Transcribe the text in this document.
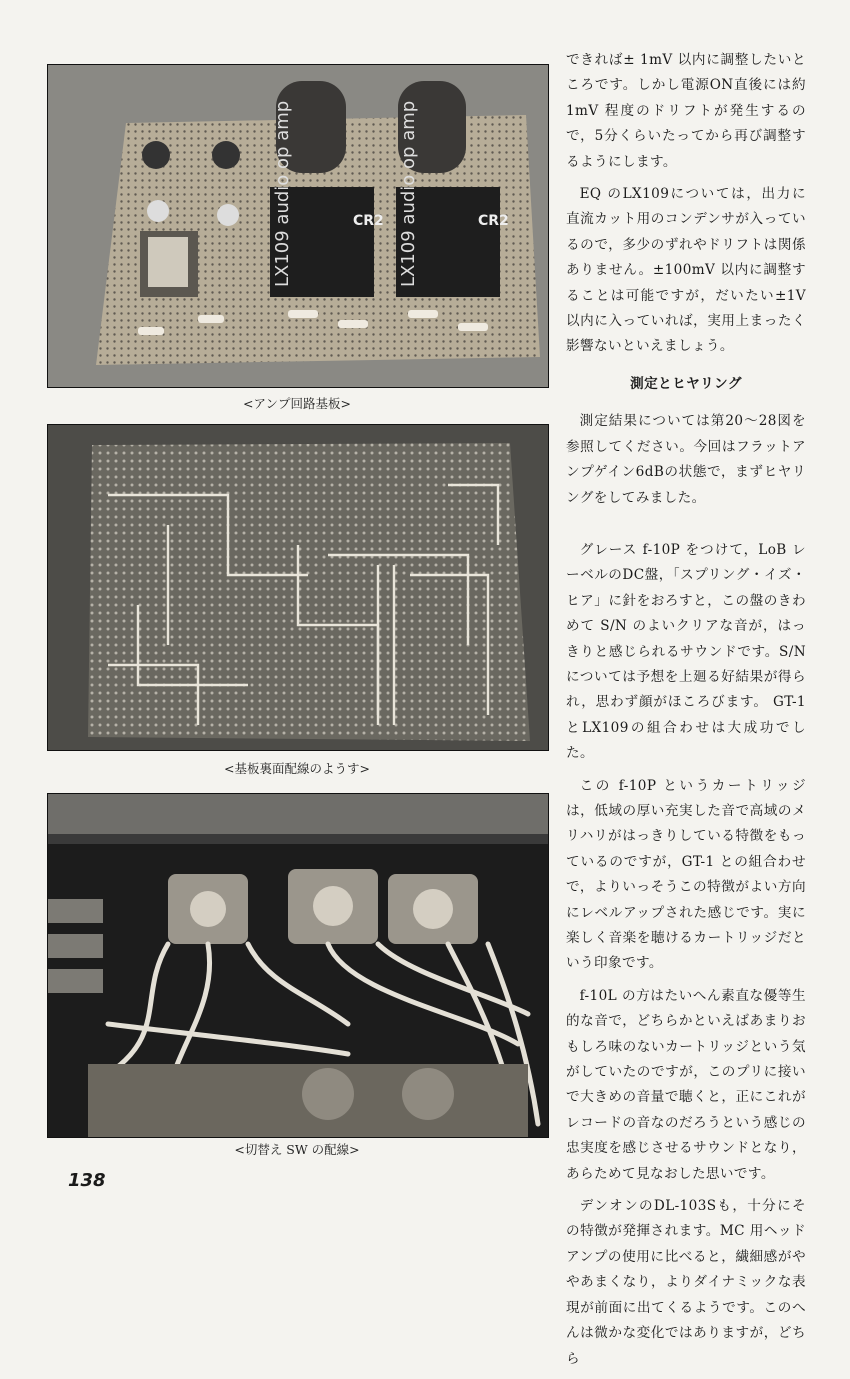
LX109 audio op amp	CR2 LX109 audio op amp	CR2
<アンプ回路基板>
<基板裏面配線のようす>
<切替え SW の配線>

できれば± 1mV 以内に調整したいところです。しかし電源ON直後には約1mV 程度のドリフトが発生するので，5分くらいたってから再び調整するようにします。

EQ のLX109については，出力に直流カット用のコンデンサが入っているので，多少のずれやドリフトは関係ありません。±100mV 以内に調整することは可能ですが，だいたい±1V以内に入っていれば，実用上まったく影響ないといえましょう。

測定とヒヤリング

測定結果については第20〜28図を参照してください。今回はフラットアンプゲイン6dBの状態で，まずヒヤリングをしてみました。

グレース f-10P をつけて，LoB レーベルのDC盤，「スプリング・イズ・ヒア」に針をおろすと，この盤のきわめて S/N のよいクリアな音が，はっきりと感じられるサウンドです。S/N については予想を上廻る好結果が得られ，思わず顔がほころびます。 GT-1 とLX109の組合わせは大成功でした。

この f-10P というカートリッジは，低域の厚い充実した音で高域のメリハリがはっきりしている特徴をもっているのですが，GT-1 との組合わせで，よりいっそうこの特徴がよい方向にレベルアップされた感じです。実に楽しく音楽を聴けるカートリッジだという印象です。

f-10L の方はたいへん素直な優等生的な音で，どちらかといえばあまりおもしろ味のないカートリッジという気がしていたのですが，このプリに接いで大きめの音量で聴くと，正にこれがレコードの音なのだろうという感じの忠実度を感じさせるサウンドとなり，あらためて見なおした思いです。

デンオンのDL-103Sも，十分にその特徴が発揮されます。MC 用ヘッドアンプの使用に比べると，繊細感がややあまくなり，よりダイナミックな表現が前面に出てくるようです。このへんは微かな変化ではありますが，どちら

138
